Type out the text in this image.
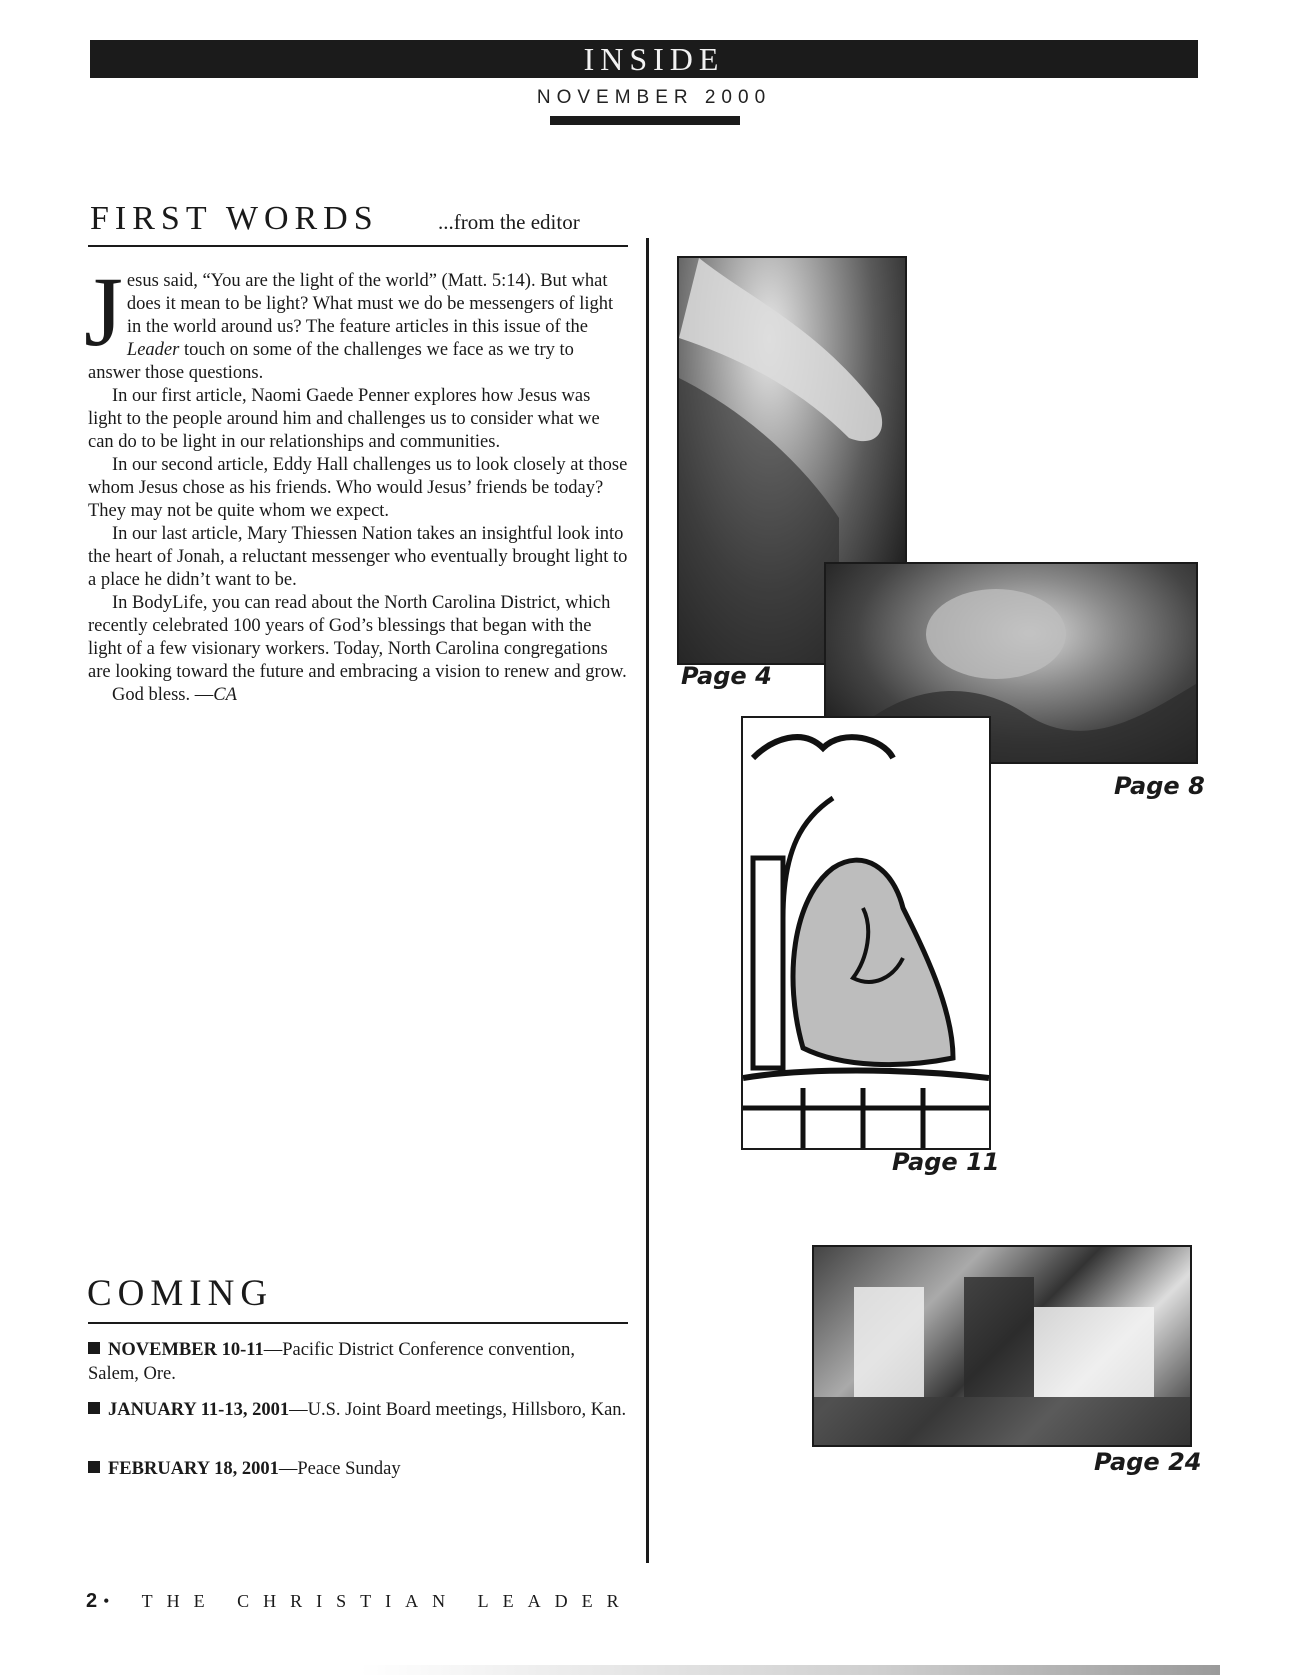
INSIDE
NOVEMBER 2000
FIRST WORDS	...from the editor

Jesus said, “You are the light of the world” (Matt. 5:14). But what does it mean to be light? What must we do be messengers of light in the world around us? The feature articles in this issue of the Leader touch on some of the challenges we face as we try to answer those questions.

In our first article, Naomi Gaede Penner explores how Jesus was light to the people around him and challenges us to consider what we can do to be light in our relationships and communities.

In our second article, Eddy Hall challenges us to look closely at those whom Jesus chose as his friends. Who would Jesus’ friends be today? They may not be quite whom we expect.

In our last article, Mary Thiessen Nation takes an insightful look into the heart of Jonah, a reluctant messenger who eventually brought light to a place he didn’t want to be.

In BodyLife, you can read about the North Carolina District, which recently celebrated 100 years of God’s blessings that began with the light of a few visionary workers. Today, North Carolina congregations are looking toward the future and embracing a vision to renew and grow.

God bless. —CA

COMING
NOVEMBER 10-11—Pacific District Conference convention, Salem, Ore.
JANUARY 11-13, 2001—U.S. Joint Board meetings, Hillsboro, Kan.
FEBRUARY 18, 2001—Peace Sunday
Page 4
Page 8
Page 11
Page 24
2 • THE CHRISTIAN LEADER
